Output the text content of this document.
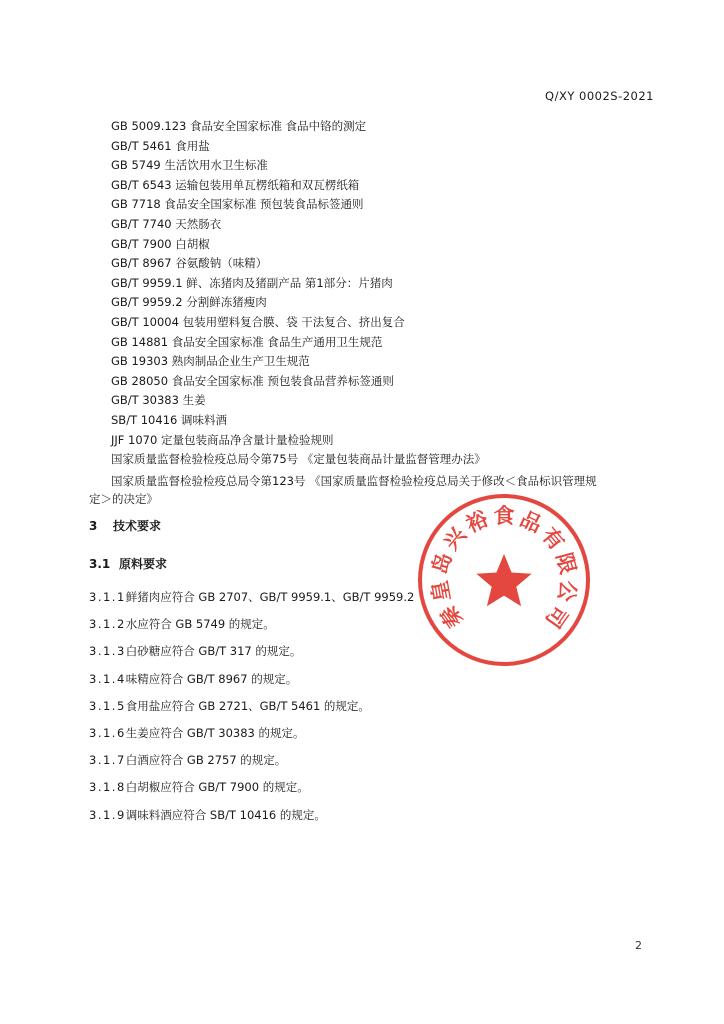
Q/XY 0002S-2021
GB 5009.123 食品安全国家标准 食品中铬的测定
GB/T 5461 食用盐
GB 5749 生活饮用水卫生标准
GB/T 6543 运输包装用单瓦楞纸箱和双瓦楞纸箱
GB 7718 食品安全国家标准 预包装食品标签通则
GB/T 7740 天然肠衣
GB/T 7900 白胡椒
GB/T 8967 谷氨酸钠（味精）
GB/T 9959.1 鲜、冻猪肉及猪副产品 第1部分：片猪肉
GB/T 9959.2 分割鲜冻猪瘦肉
GB/T 10004 包装用塑料复合膜、袋 干法复合、挤出复合
GB 14881 食品安全国家标准 食品生产通用卫生规范
GB 19303 熟肉制品企业生产卫生规范
GB 28050 食品安全国家标准 预包装食品营养标签通则
GB/T 30383 生姜
SB/T 10416 调味料酒
JJF 1070 定量包装商品净含量计量检验规则
国家质量监督检验检疫总局令第75号 《定量包装商品计量监督管理办法》
国家质量监督检验检疫总局令第123号 《国家质量监督检验检疫总局关于修改＜食品标识管理规
定＞的决定》
3 技术要求
3.1 原料要求
3.1.1鲜猪肉应符合 GB 2707、GB/T 9959.1、GB/T 9959.2
3.1.2水应符合 GB 5749 的规定。
3.1.3白砂糖应符合 GB/T 317 的规定。
3.1.4味精应符合 GB/T 8967 的规定。
3.1.5食用盐应符合 GB 2721、GB/T 5461 的规定。
3.1.6生姜应符合 GB/T 30383 的规定。
3.1.7白酒应符合 GB 2757 的规定。
3.1.8白胡椒应符合 GB/T 7900 的规定。
3.1.9调味料酒应符合 SB/T 10416 的规定。
秦
皇
岛
兴
裕 食 品
有
限
公
司
2
